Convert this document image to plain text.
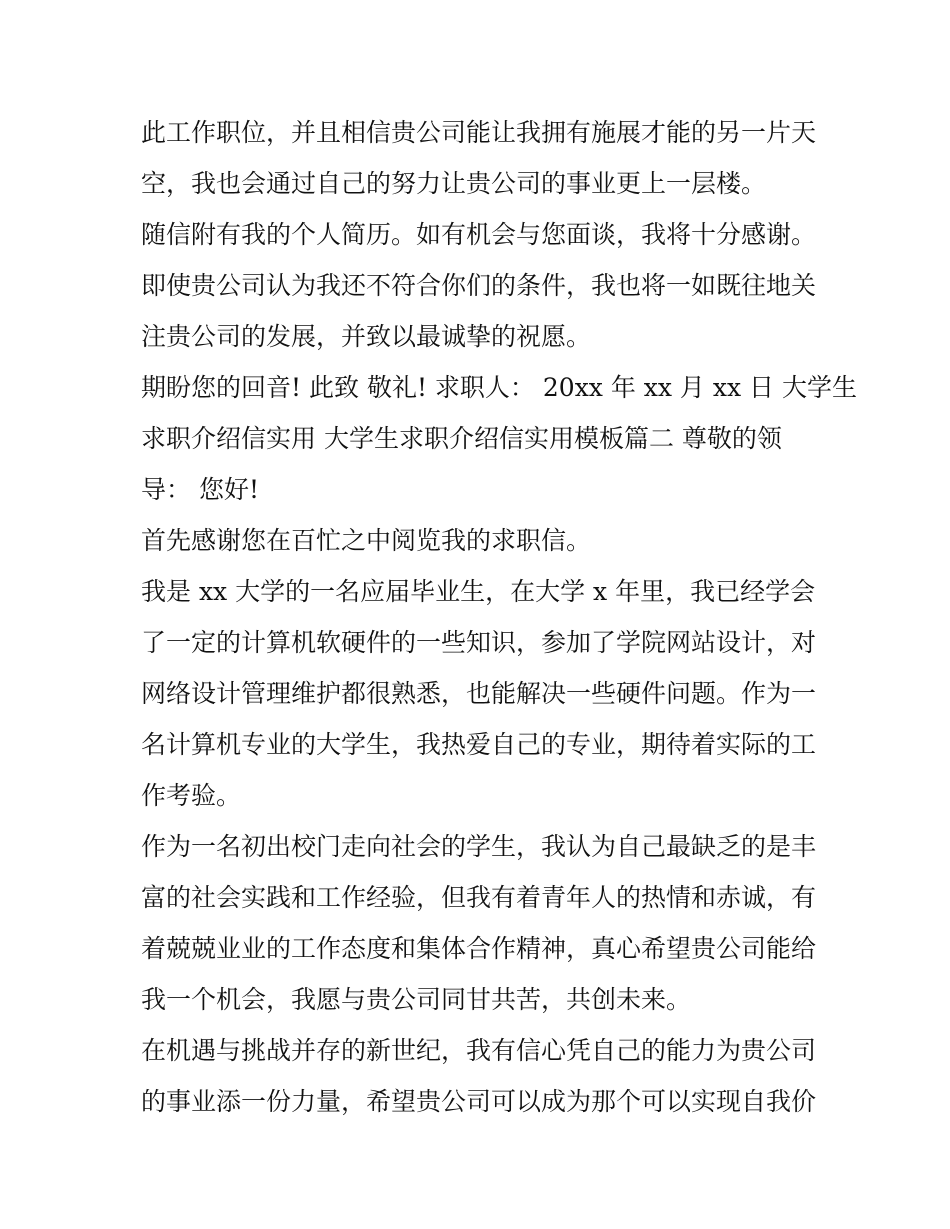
此工作职位，并且相信贵公司能让我拥有施展才能的另一片天

空，我也会通过自己的努力让贵公司的事业更上一层楼。

随信附有我的个人简历。如有机会与您面谈，我将十分感谢。

即使贵公司认为我还不符合你们的条件，我也将一如既往地关

注贵公司的发展，并致以最诚挚的祝愿。

期盼您的回音! 此致 敬礼! 求职人： 20xx 年 xx 月 xx 日 大学生

求职介绍信实用 大学生求职介绍信实用模板篇二 尊敬的领

导： 您好!

首先感谢您在百忙之中阅览我的求职信。

我是 xx 大学的一名应届毕业生，在大学 x 年里，我已经学会

了一定的计算机软硬件的一些知识，参加了学院网站设计，对

网络设计管理维护都很熟悉，也能解决一些硬件问题。作为一

名计算机专业的大学生，我热爱自己的专业，期待着实际的工

作考验。

作为一名初出校门走向社会的学生，我认为自己最缺乏的是丰

富的社会实践和工作经验，但我有着青年人的热情和赤诚，有

着兢兢业业的工作态度和集体合作精神，真心希望贵公司能给

我一个机会，我愿与贵公司同甘共苦，共创未来。

在机遇与挑战并存的新世纪，我有信心凭自己的能力为贵公司

的事业添一份力量，希望贵公司可以成为那个可以实现自我价
